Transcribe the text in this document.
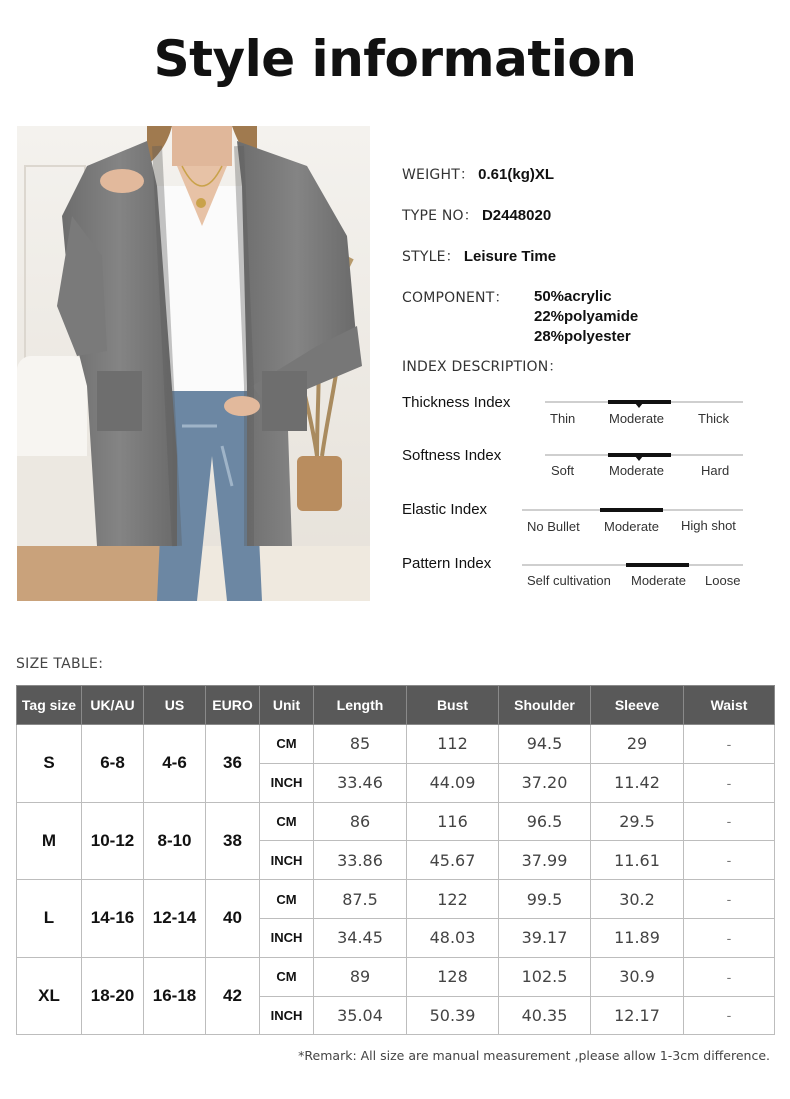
Style information
WEIGHT： 0.61(kg)XL
TYPE NO： D2448020
STYLE： Leisure Time
COMPONENT： 50%acrylic
22%polyamide
28%polyester
INDEX DESCRIPTION：
Thickness Index
Thin	Moderate	Thick
Softness Index
Soft	Moderate	Hard
Elastic Index
No Bullet Moderate High shot
Pattern Index
Self cultivation Moderate Loose
SIZE TABLE:
Tag size	UK/AU	US	EURO	Unit	Length	Bust	Shoulder	Sleeve	Waist
S	6-8	4-6	36	CM	85	112	94.5	29	-
				INCH	33.46	44.09	37.20	11.42	-
M	10-12	8-10	38	CM	86	116	96.5	29.5	-
				INCH	33.86	45.67	37.99	11.61	-
L	14-16	12-14	40	CM	87.5	122	99.5	30.2	-
				INCH	34.45	48.03	39.17	11.89	-
XL	18-20	16-18	42	CM	89	128	102.5	30.9	-
				INCH	35.04	50.39	40.35	12.17	-
*Remark: All size are manual measurement ,please allow 1-3cm difference.
